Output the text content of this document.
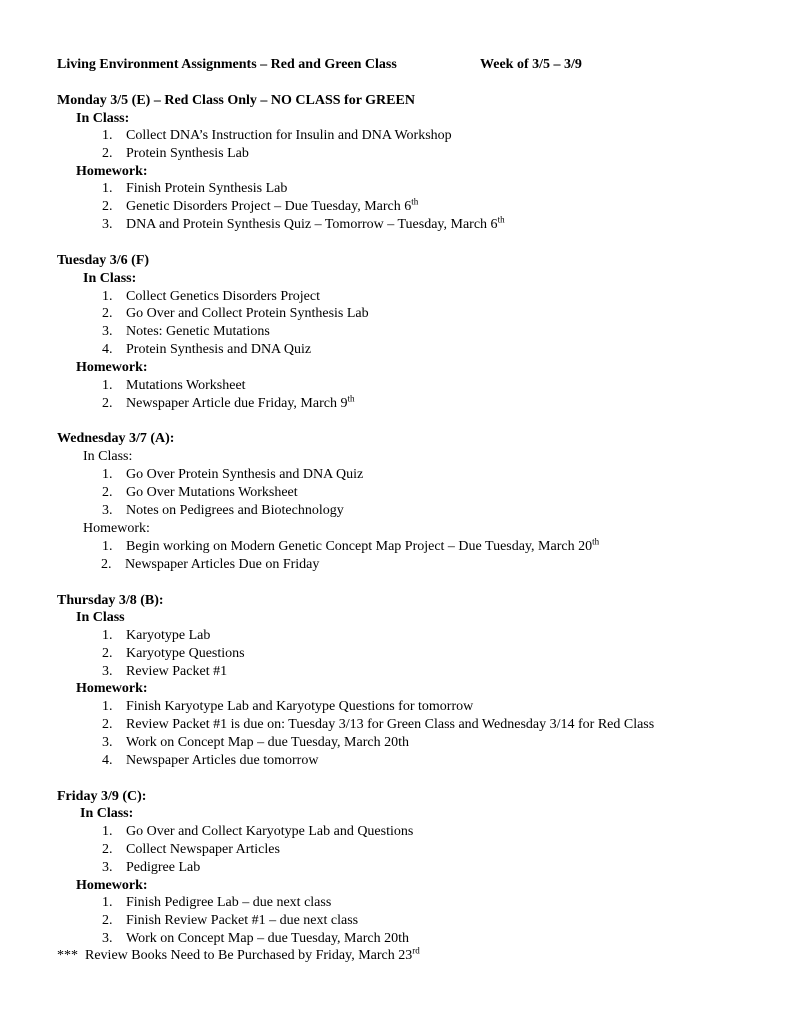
Living Environment Assignments – Red and Green Class	Week of 3/5 – 3/9
Monday 3/5 (E) – Red Class Only – NO CLASS for GREEN
In Class:
1. Collect DNA’s Instruction for Insulin and DNA Workshop
2. Protein Synthesis Lab
Homework:
1. Finish Protein Synthesis Lab
2. Genetic Disorders Project – Due Tuesday, March 6th
3. DNA and Protein Synthesis Quiz – Tomorrow – Tuesday, March 6th
Tuesday 3/6 (F)
In Class:
1. Collect Genetics Disorders Project
2. Go Over and Collect Protein Synthesis Lab
3. Notes: Genetic Mutations
4. Protein Synthesis and DNA Quiz
Homework:
1. Mutations Worksheet
2. Newspaper Article due Friday, March 9th
Wednesday 3/7 (A):
In Class:
1. Go Over Protein Synthesis and DNA Quiz
2. Go Over Mutations Worksheet
3. Notes on Pedigrees and Biotechnology
Homework:
1. Begin working on Modern Genetic Concept Map Project – Due Tuesday, March 20th
2. Newspaper Articles Due on Friday
Thursday 3/8 (B):
In Class
1. Karyotype Lab
2. Karyotype Questions
3. Review Packet #1
Homework:
1. Finish Karyotype Lab and Karyotype Questions for tomorrow
2. Review Packet #1 is due on: Tuesday 3/13 for Green Class and Wednesday 3/14 for Red Class
3. Work on Concept Map – due Tuesday, March 20th
4. Newspaper Articles due tomorrow
Friday 3/9 (C):
In Class:
1. Go Over and Collect Karyotype Lab and Questions
2. Collect Newspaper Articles
3. Pedigree Lab
Homework:
1. Finish Pedigree Lab – due next class
2. Finish Review Packet #1 – due next class
3. Work on Concept Map – due Tuesday, March 20th
*** Review Books Need to Be Purchased by Friday, March 23rd
